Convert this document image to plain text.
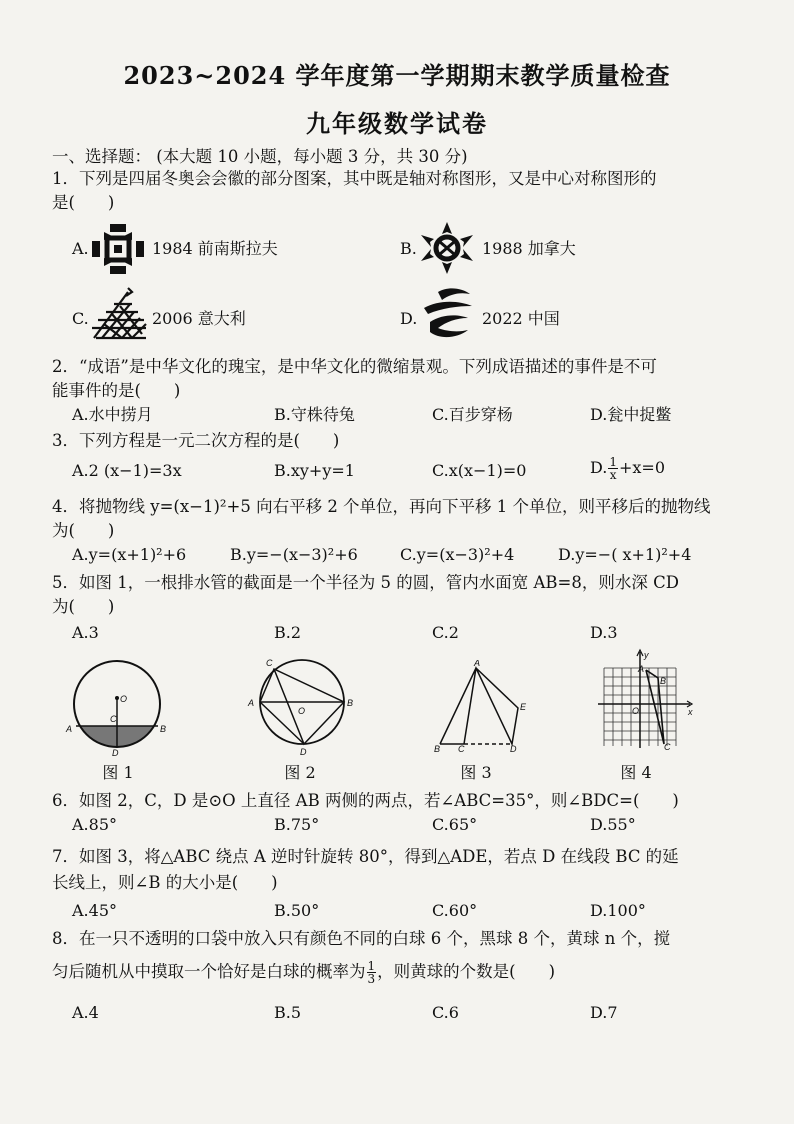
2023~2024 学年度第一学期期末教学质量检查
九年级数学试卷
一、选择题： (本大题 10 小题，每小题 3 分，共 30 分)
1．下列是四届冬奥会会徽的部分图案，其中既是轴对称图形，又是中心对称图形的
是(　　)
A.	1984 前南斯拉夫	B.	1988 加拿大
C.	2006 意大利	D.	2022 中国
2．“成语”是中华文化的瑰宝，是中华文化的微缩景观。下列成语描述的事件是不可
能事件的是(　　)
A.水中捞月	B.守株待兔	C.百步穿杨	D.瓮中捉鳖
3．下列方程是一元二次方程的是(　　)
A.2 (x−1)=3x	B.xy+y=1	C.x(x−1)=0	D. $\frac{1}{x} +x=0$
4．将抛物线 y=(x−1)²+5 向右平移 2 个单位，再向下平移 1 个单位，则平移后的抛物线
为(　　)
A.y=(x+1)²+6	B.y=−(x−3)²+6	C.y=(x−3)²+4	D.y=−( x+1)²+4
5．如图 1，一根排水管的截面是一个半径为 5 的圆，管内水面宽 AB=8，则水深 CD
为(　　)
A.3	B.2	C.2	D.3
O
C
A	B
D
C
A
O
B
D
A
E
B C	D
y
A
B
O	x
C
图 1	图 2	图 3	图 4
6．如图 2，C，D 是⊙O 上直径 AB 两侧的两点，若∠ABC=35°，则∠BDC=(　　)
A.85°	B.75°	C.65°	D.55°
7．如图 3，将△ABC 绕点 A 逆时针旋转 80°，得到△ADE，若点 D 在线段 BC 的延
长线上，则∠B 的大小是(　　)
A.45°	B.50°	C.60°	D.100°
8．在一只不透明的口袋中放入只有颜色不同的白球 6 个，黑球 8 个，黄球 n 个，搅
匀后随机从中摸取一个恰好是白球的概率为 $\frac{1}{3}$ ，则黄球的个数是(　　)
A.4	B.5	C.6	D.7
